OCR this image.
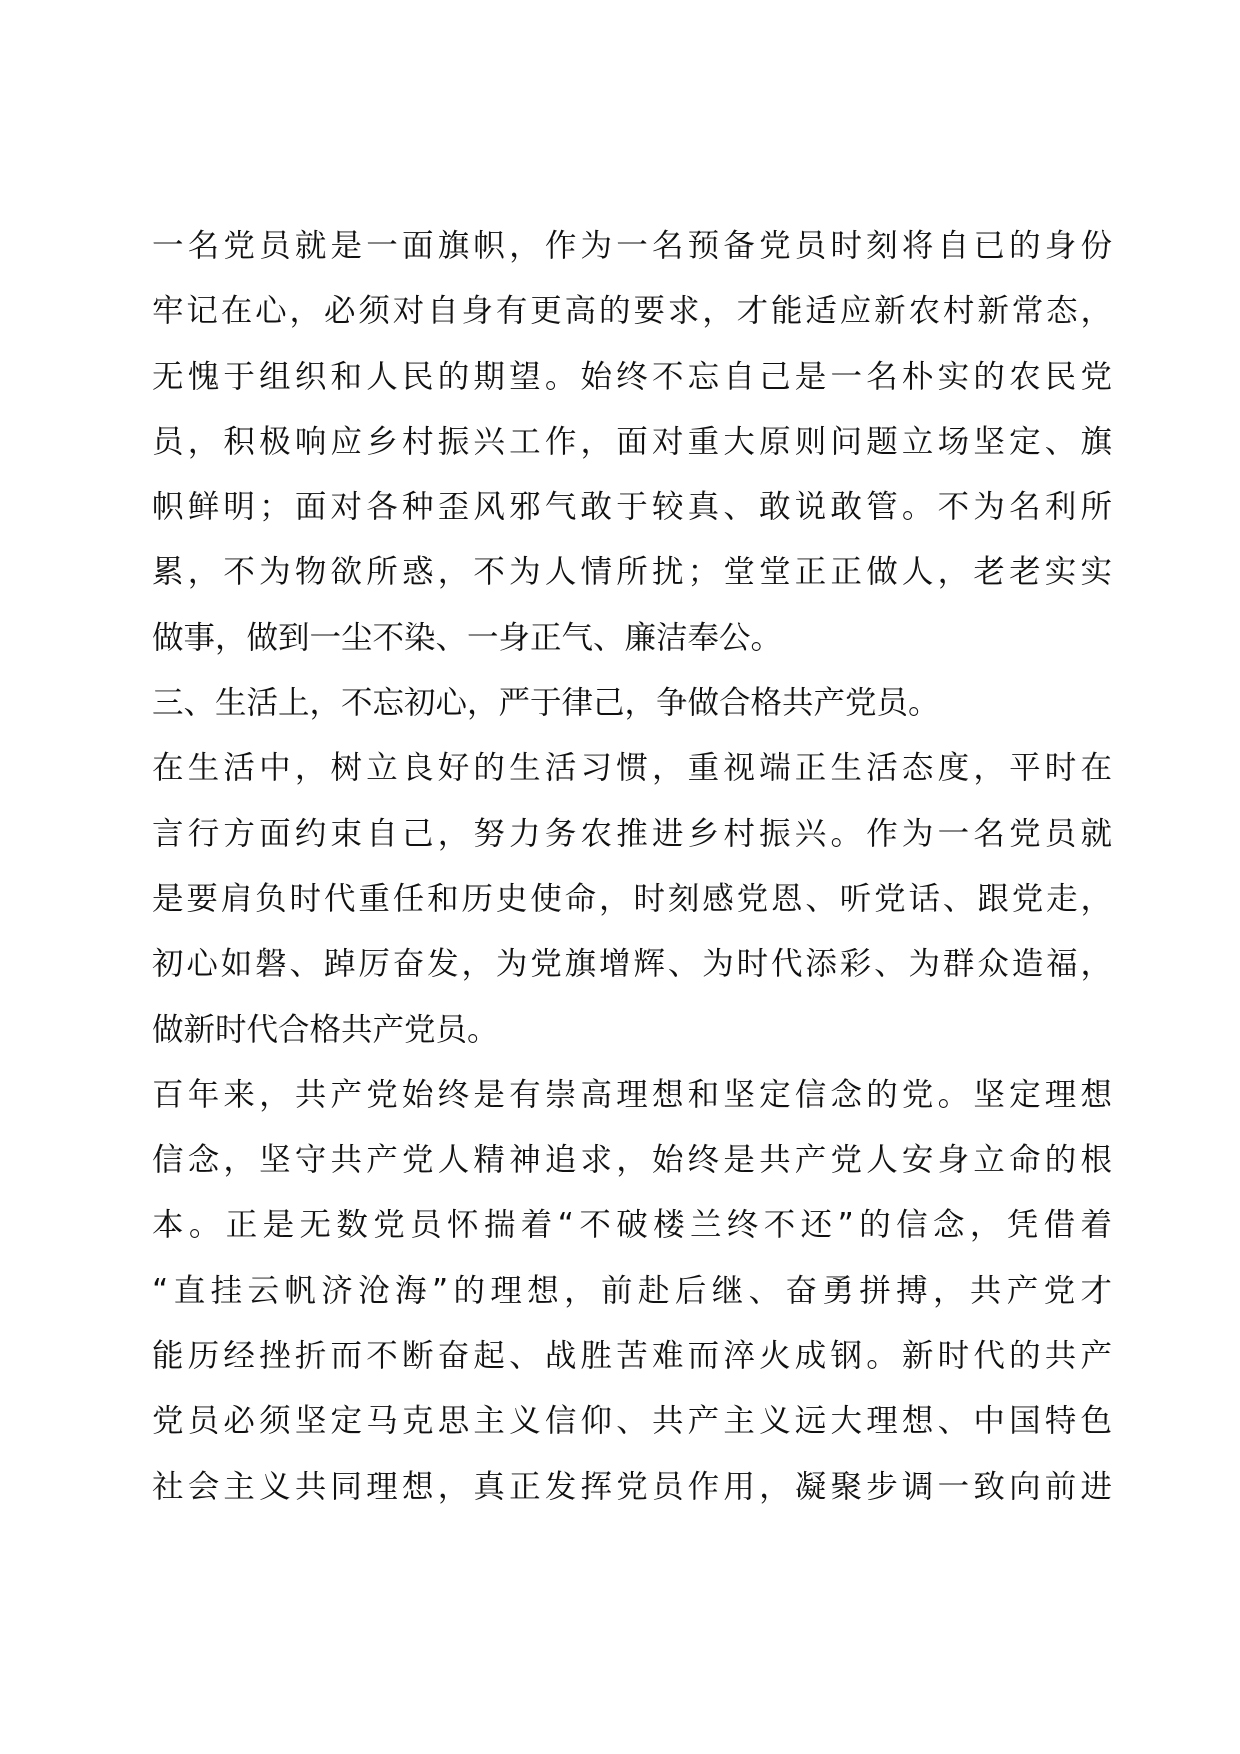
一名党员就是一面旗帜，作为一名预备党员时刻将自已的身份
牢记在心，必须对自身有更高的要求，才能适应新农村新常态，
无愧于组织和人民的期望。始终不忘自己是一名朴实的农民党
员，积极响应乡村振兴工作，面对重大原则问题立场坚定、旗
帜鲜明；面对各种歪风邪气敢于较真、敢说敢管。不为名利所
累，不为物欲所惑，不为人情所扰；堂堂正正做人，老老实实
做事，做到一尘不染、一身正气、廉洁奉公。
三、生活上，不忘初心，严于律己，争做合格共产党员。
在生活中，树立良好的生活习惯，重视端正生活态度，平时在
言行方面约束自己，努力务农推进乡村振兴。作为一名党员就
是要肩负时代重任和历史使命，时刻感党恩、听党话、跟党走，
初心如磐、踔厉奋发，为党旗增辉、为时代添彩、为群众造福，
做新时代合格共产党员。
百年来，共产党始终是有崇高理想和坚定信念的党。坚定理想
信念，坚守共产党人精神追求，始终是共产党人安身立命的根
本。正是无数党员怀揣着“不破楼兰终不还”的信念，凭借着
“直挂云帆济沧海”的理想，前赴后继、奋勇拼搏，共产党才
能历经挫折而不断奋起、战胜苦难而淬火成钢。新时代的共产
党员必须坚定马克思主义信仰、共产主义远大理想、中国特色
社会主义共同理想，真正发挥党员作用，凝聚步调一致向前进
